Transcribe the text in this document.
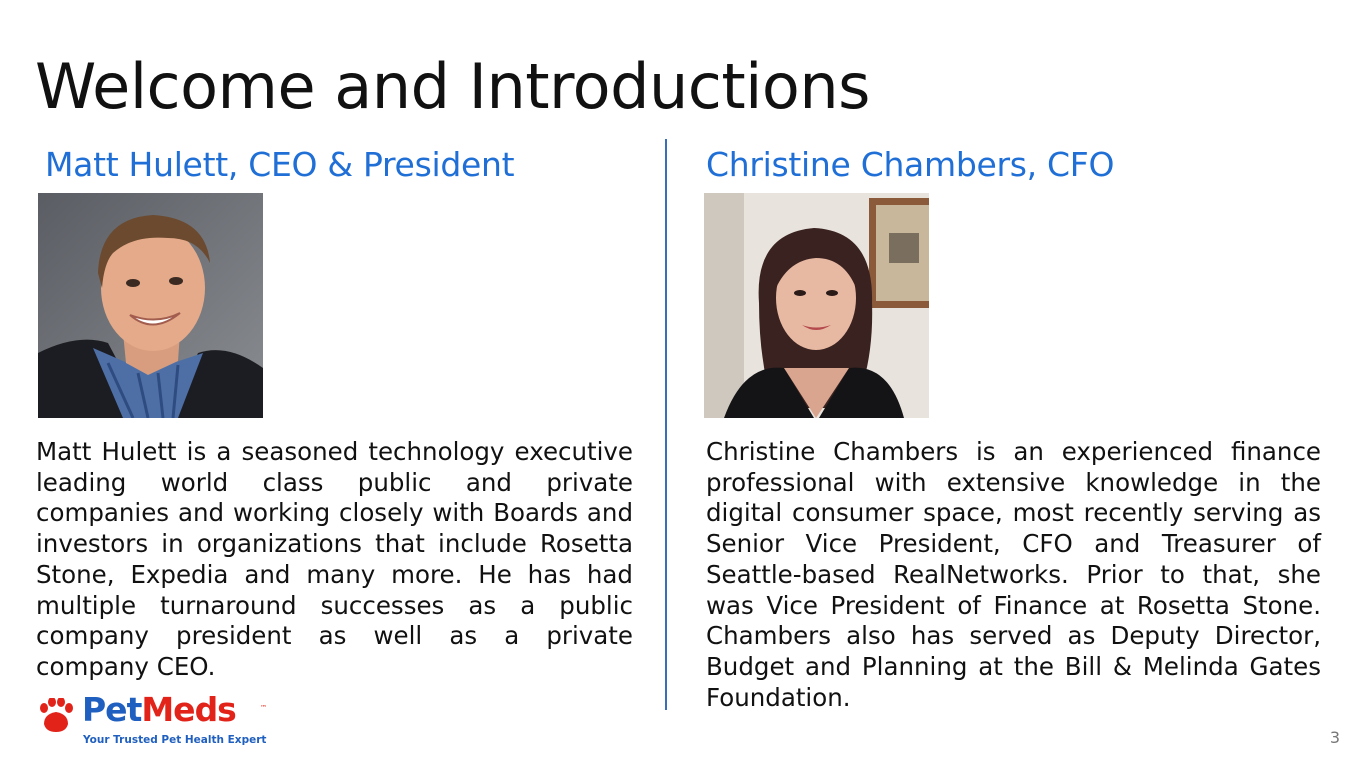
Welcome and Introductions
Matt Hulett, CEO & President
Matt Hulett is a seasoned technology executive leading world class public and private companies and working closely with Boards and investors in organizations that include Rosetta Stone, Expedia and many more. He has had multiple turnaround successes as a public company president as well as a private company CEO.
Christine Chambers, CFO
Christine Chambers is an experienced finance professional with extensive knowledge in the digital consumer space, most recently serving as Senior Vice President, CFO and Treasurer of Seattle-based RealNetworks. Prior to that, she was Vice President of Finance at Rosetta Stone. Chambers also has served as Deputy Director, Budget and Planning at the Bill & Melinda Gates Foundation.
PetMeds	™
Your Trusted Pet Health Expert	3
